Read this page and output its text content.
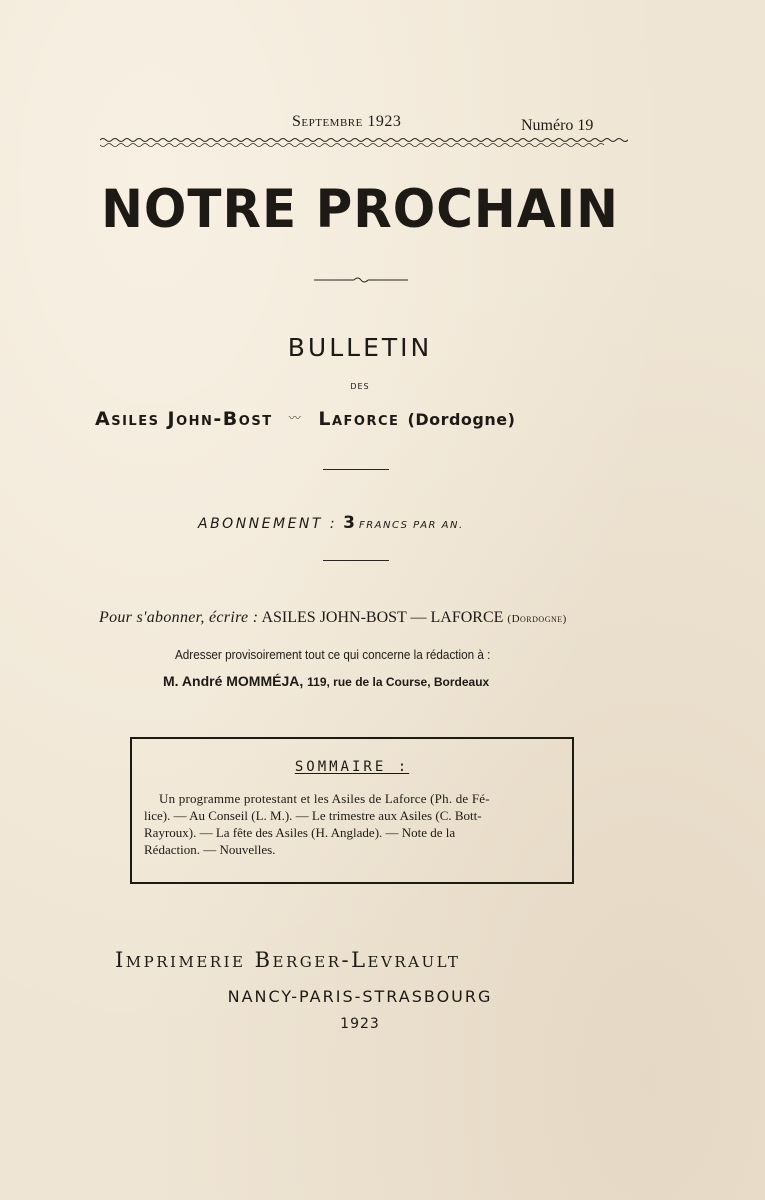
Septembre 1923	Numéro 19
NOTRE PROCHAIN
BULLETIN
DES
Asiles John-Bost 〰 Laforce (Dordogne)
ABONNEMENT : 3 FRANCS PAR AN.
Pour s'abonner, écrire : ASILES JOHN-BOST — LAFORCE (Dordogne)
Adresser provisoirement tout ce qui concerne la rédaction à :
M. André MOMMÉJA, 119, rue de la Course, Bordeaux
SOMMAIRE :
Un programme protestant et les Asiles de Laforce (Ph. de Fé-
lice). — Au Conseil (L. M.). — Le trimestre aux Asiles (C. Bott-
Rayroux). — La fête des Asiles (H. Anglade). — Note de la
Rédaction. — Nouvelles.
Imprimerie Berger-Levrault
NANCY-PARIS-STRASBOURG
1923
